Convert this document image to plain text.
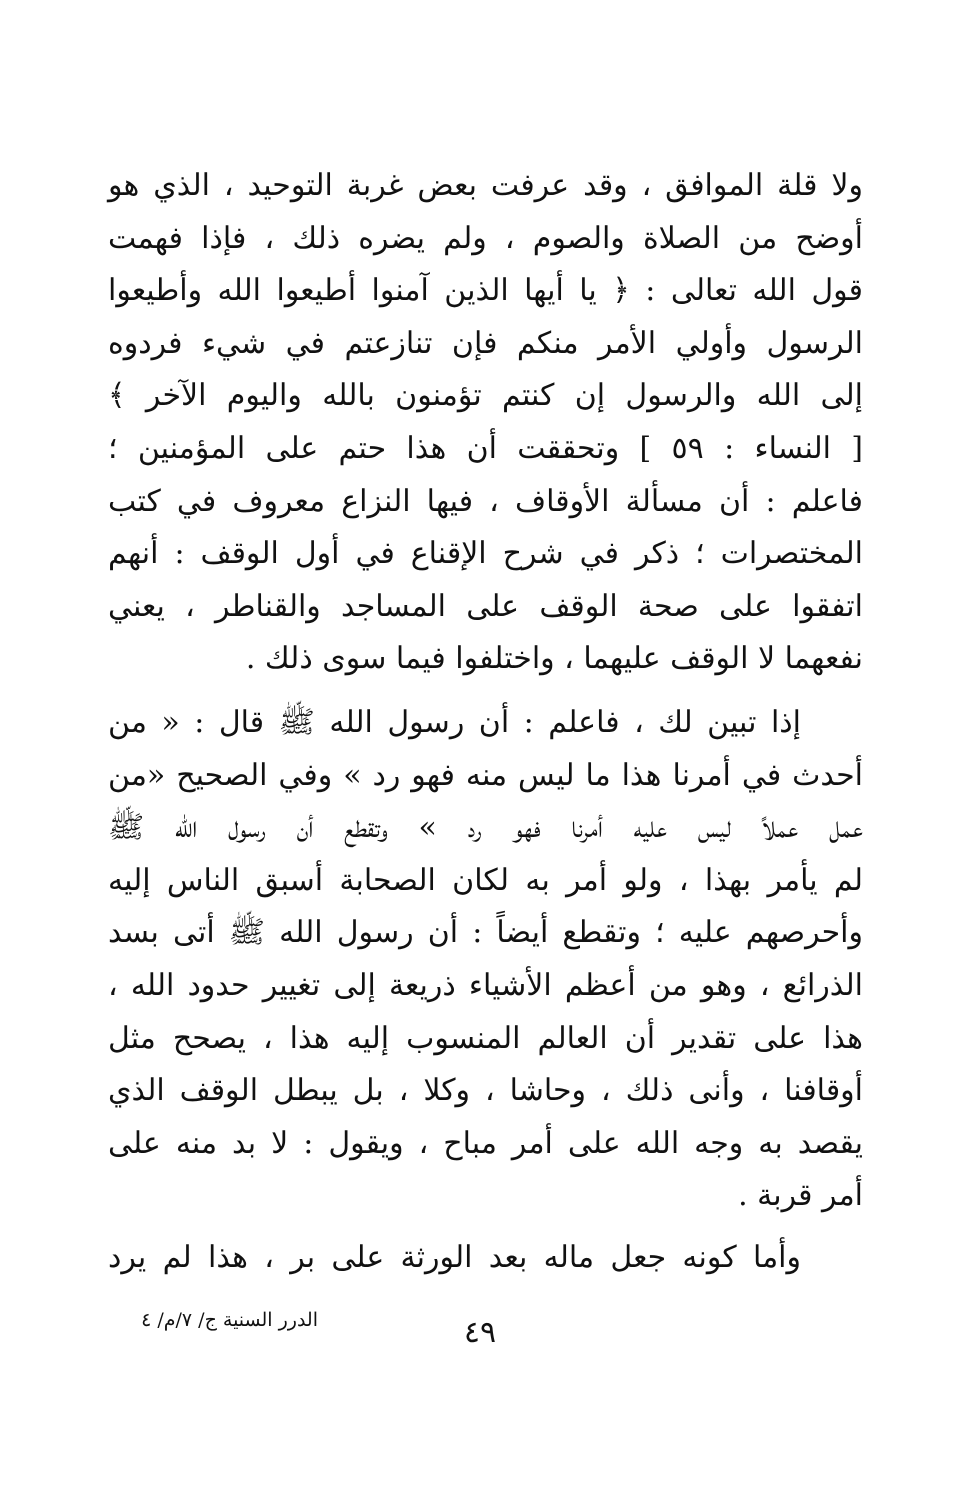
ولا قلة الموافق ، وقد عرفت بعض غربة التوحيد ، الذي هو
أوضح من الصلاة والصوم ، ولم يضره ذلك ، فإذا فهمت
قول الله تعالى : ﴿ يا أيها الذين آمنوا أطيعوا الله وأطيعوا
الرسول وأولي الأمر منكم فإن تنازعتم في شيء فردوه
إلى الله والرسول إن كنتم تؤمنون بالله واليوم الآخر ﴾
[ النساء : ٥٩ ] وتحققت أن هذا حتم على المؤمنين ؛
فاعلم : أن مسألة الأوقاف ، فيها النزاع معروف في كتب
المختصرات ؛ ذكر في شرح الإقناع في أول الوقف : أنهم
اتفقوا على صحة الوقف على المساجد والقناطر ، يعني
نفعهما لا الوقف عليهما ، واختلفوا فيما سوى ذلك .
إذا تبين لك ، فاعلم : أن رسول الله ﷺ قال : « من
أحدث في أمرنا هذا ما ليس منه فهو رد » وفي الصحيح «من
عمل عملاً ليس عليه أمرنا فهو رد » وتقطع أن رسول الله ﷺ
لم يأمر بهذا ، ولو أمر به لكان الصحابة أسبق الناس إليه
وأحرصهم عليه ؛ وتقطع أيضاً : أن رسول الله ﷺ أتى بسد
الذرائع ، وهو من أعظم الأشياء ذريعة إلى تغيير حدود الله ،
هذا على تقدير أن العالم المنسوب إليه هذا ، يصحح مثل
أوقافنا ، وأنى ذلك ، وحاشا ، وكلا ، بل يبطل الوقف الذي
يقصد به وجه الله على أمر مباح ، ويقول : لا بد منه على
أمر قربة .
وأما كونه جعل ماله بعد الورثة على بر ، هذا لم يرد
الدرر السنية ج/ ٧/م/ ٤	٤٩
